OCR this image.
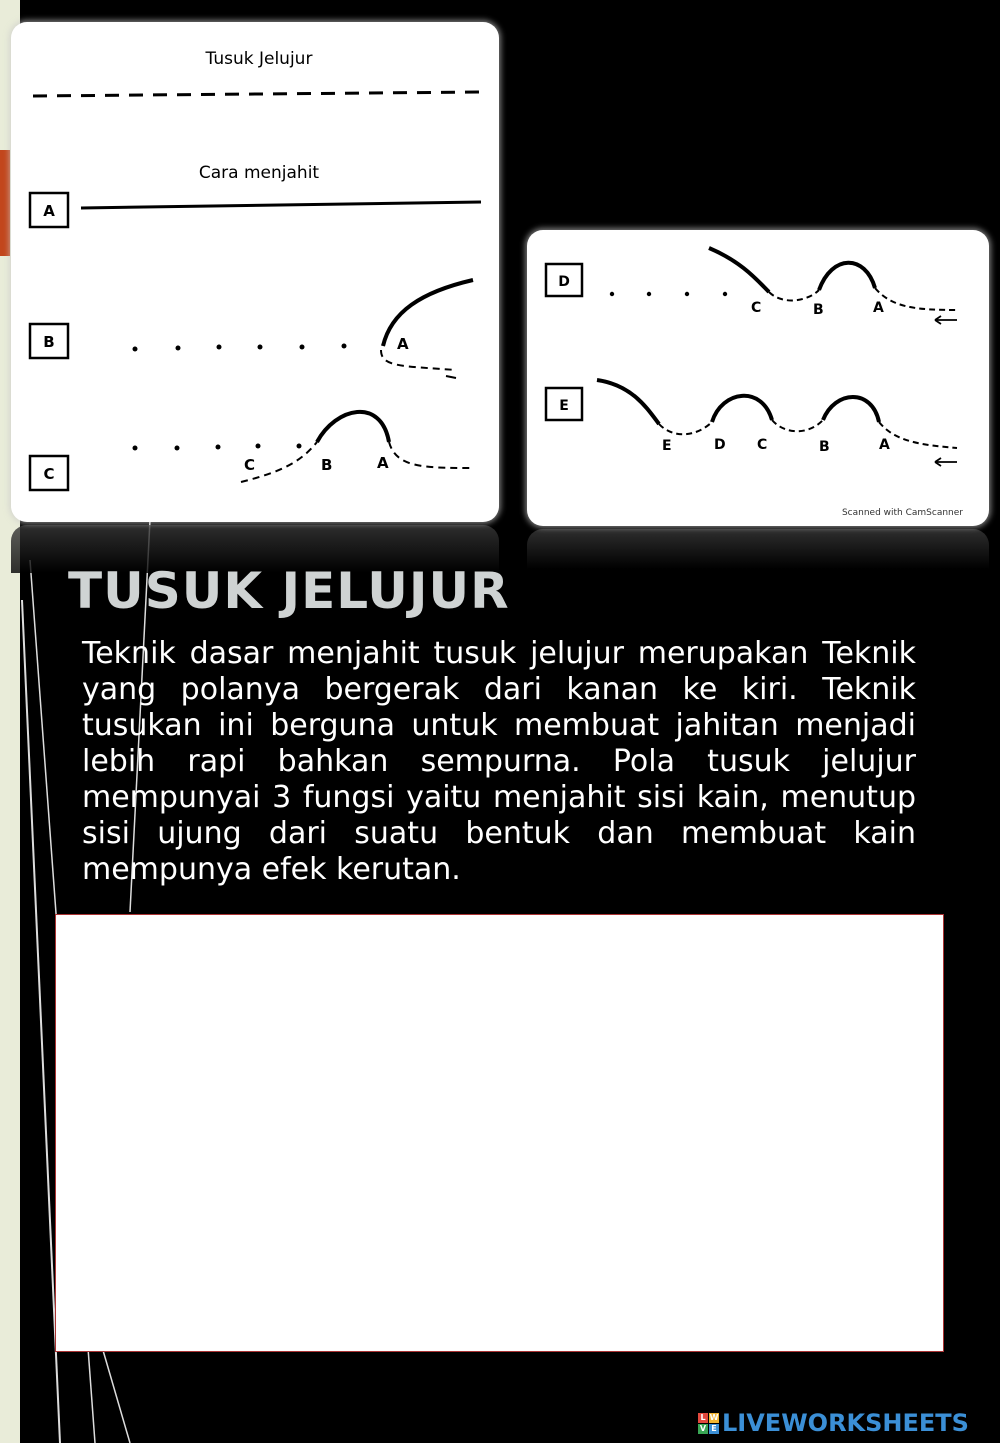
Tusuk Jelujur
Cara menjahit
A
B	A
C	C	B	A
D
C	B	A
E
E	D C	B	A
Scanned with CamScanner
TUSUK JELUJUR

Teknik dasar menjahit tusuk jelujur merupakan Teknik yang polanya bergerak dari kanan ke kiri. Teknik tusukan ini berguna untuk membuat jahitan menjadi lebih rapi bahkan sempurna. Pola tusuk jelujur mempunyai 3 fungsi yaitu menjahit sisi kain, menutup sisi ujung dari suatu bentuk dan membuat kain mempunya efek kerutan.

L W
V E LIVEWORKSHEETS
